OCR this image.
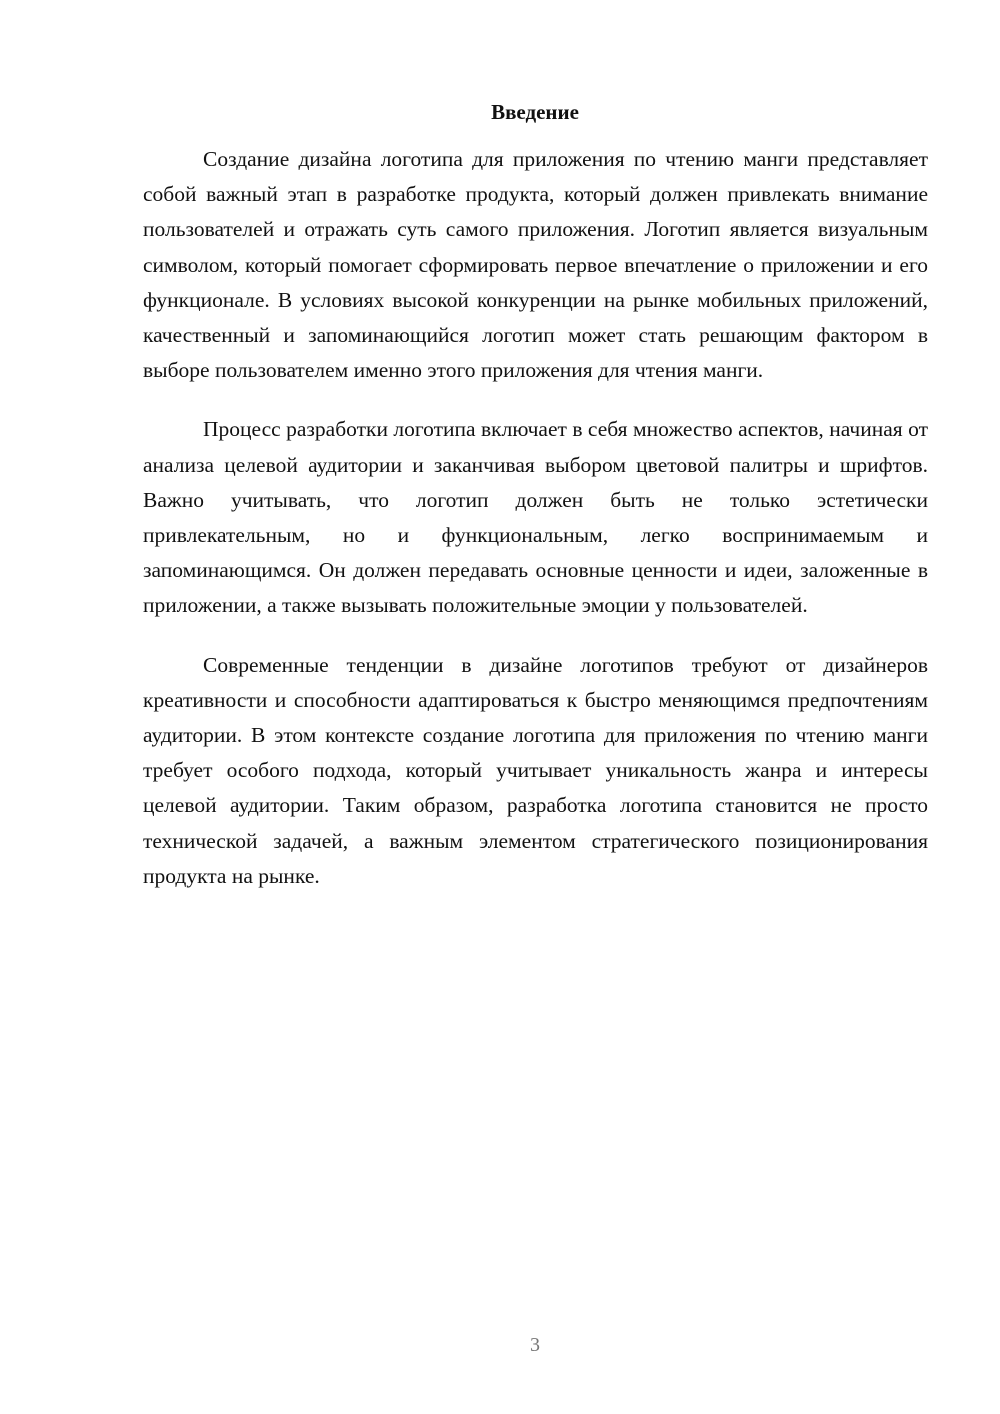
Введение

Создание дизайна логотипа для приложения по чтению манги представляет собой важный этап в разработке продукта, который должен привлекать внимание пользователей и отражать суть самого приложения. Логотип является визуальным символом, который помогает сформировать первое впечатление о приложении и его функционале. В условиях высокой конкуренции на рынке мобильных приложений, качественный и запоминающийся логотип может стать решающим фактором в выборе пользователем именно этого приложения для чтения манги.

Процесс разработки логотипа включает в себя множество аспектов, начиная от анализа целевой аудитории и заканчивая выбором цветовой палитры и шрифтов. Важно учитывать, что логотип должен быть не только эстетически привлекательным, но и функциональным, легко воспринимаемым и запоминающимся. Он должен передавать основные ценности и идеи, заложенные в приложении, а также вызывать положительные эмоции у пользователей.

Современные тенденции в дизайне логотипов требуют от дизайнеров креативности и способности адаптироваться к быстро меняющимся предпочтениям аудитории. В этом контексте создание логотипа для приложения по чтению манги требует особого подхода, который учитывает уникальность жанра и интересы целевой аудитории. Таким образом, разработка логотипа становится не просто технической задачей, а важным элементом стратегического позиционирования продукта на рынке.

3
